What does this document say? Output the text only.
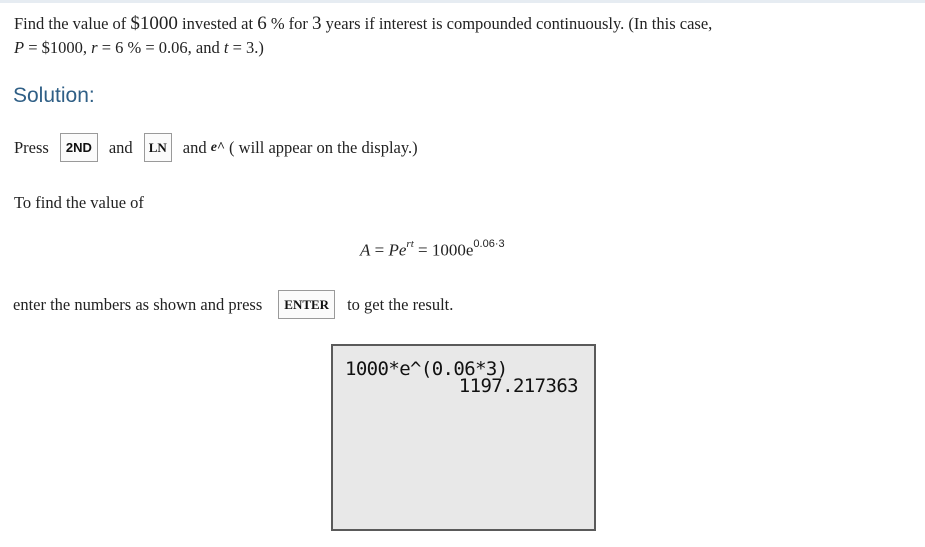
Find the value of $1000 invested at 6 % for 3 years if interest is compounded continuously. (In this case,
P = $1000, r = 6 % = 0.06, and t = 3.)
Solution:
Press	2ND	and	LN and e^ ( will appear on the display.)
To find the value of
$A = Pe^{rt} = 1000e^{0.06\cdot 3}$
enter the numbers as shown and press	ENTER	to get the result.
1000*e^(0.06*3)
1197.217363
